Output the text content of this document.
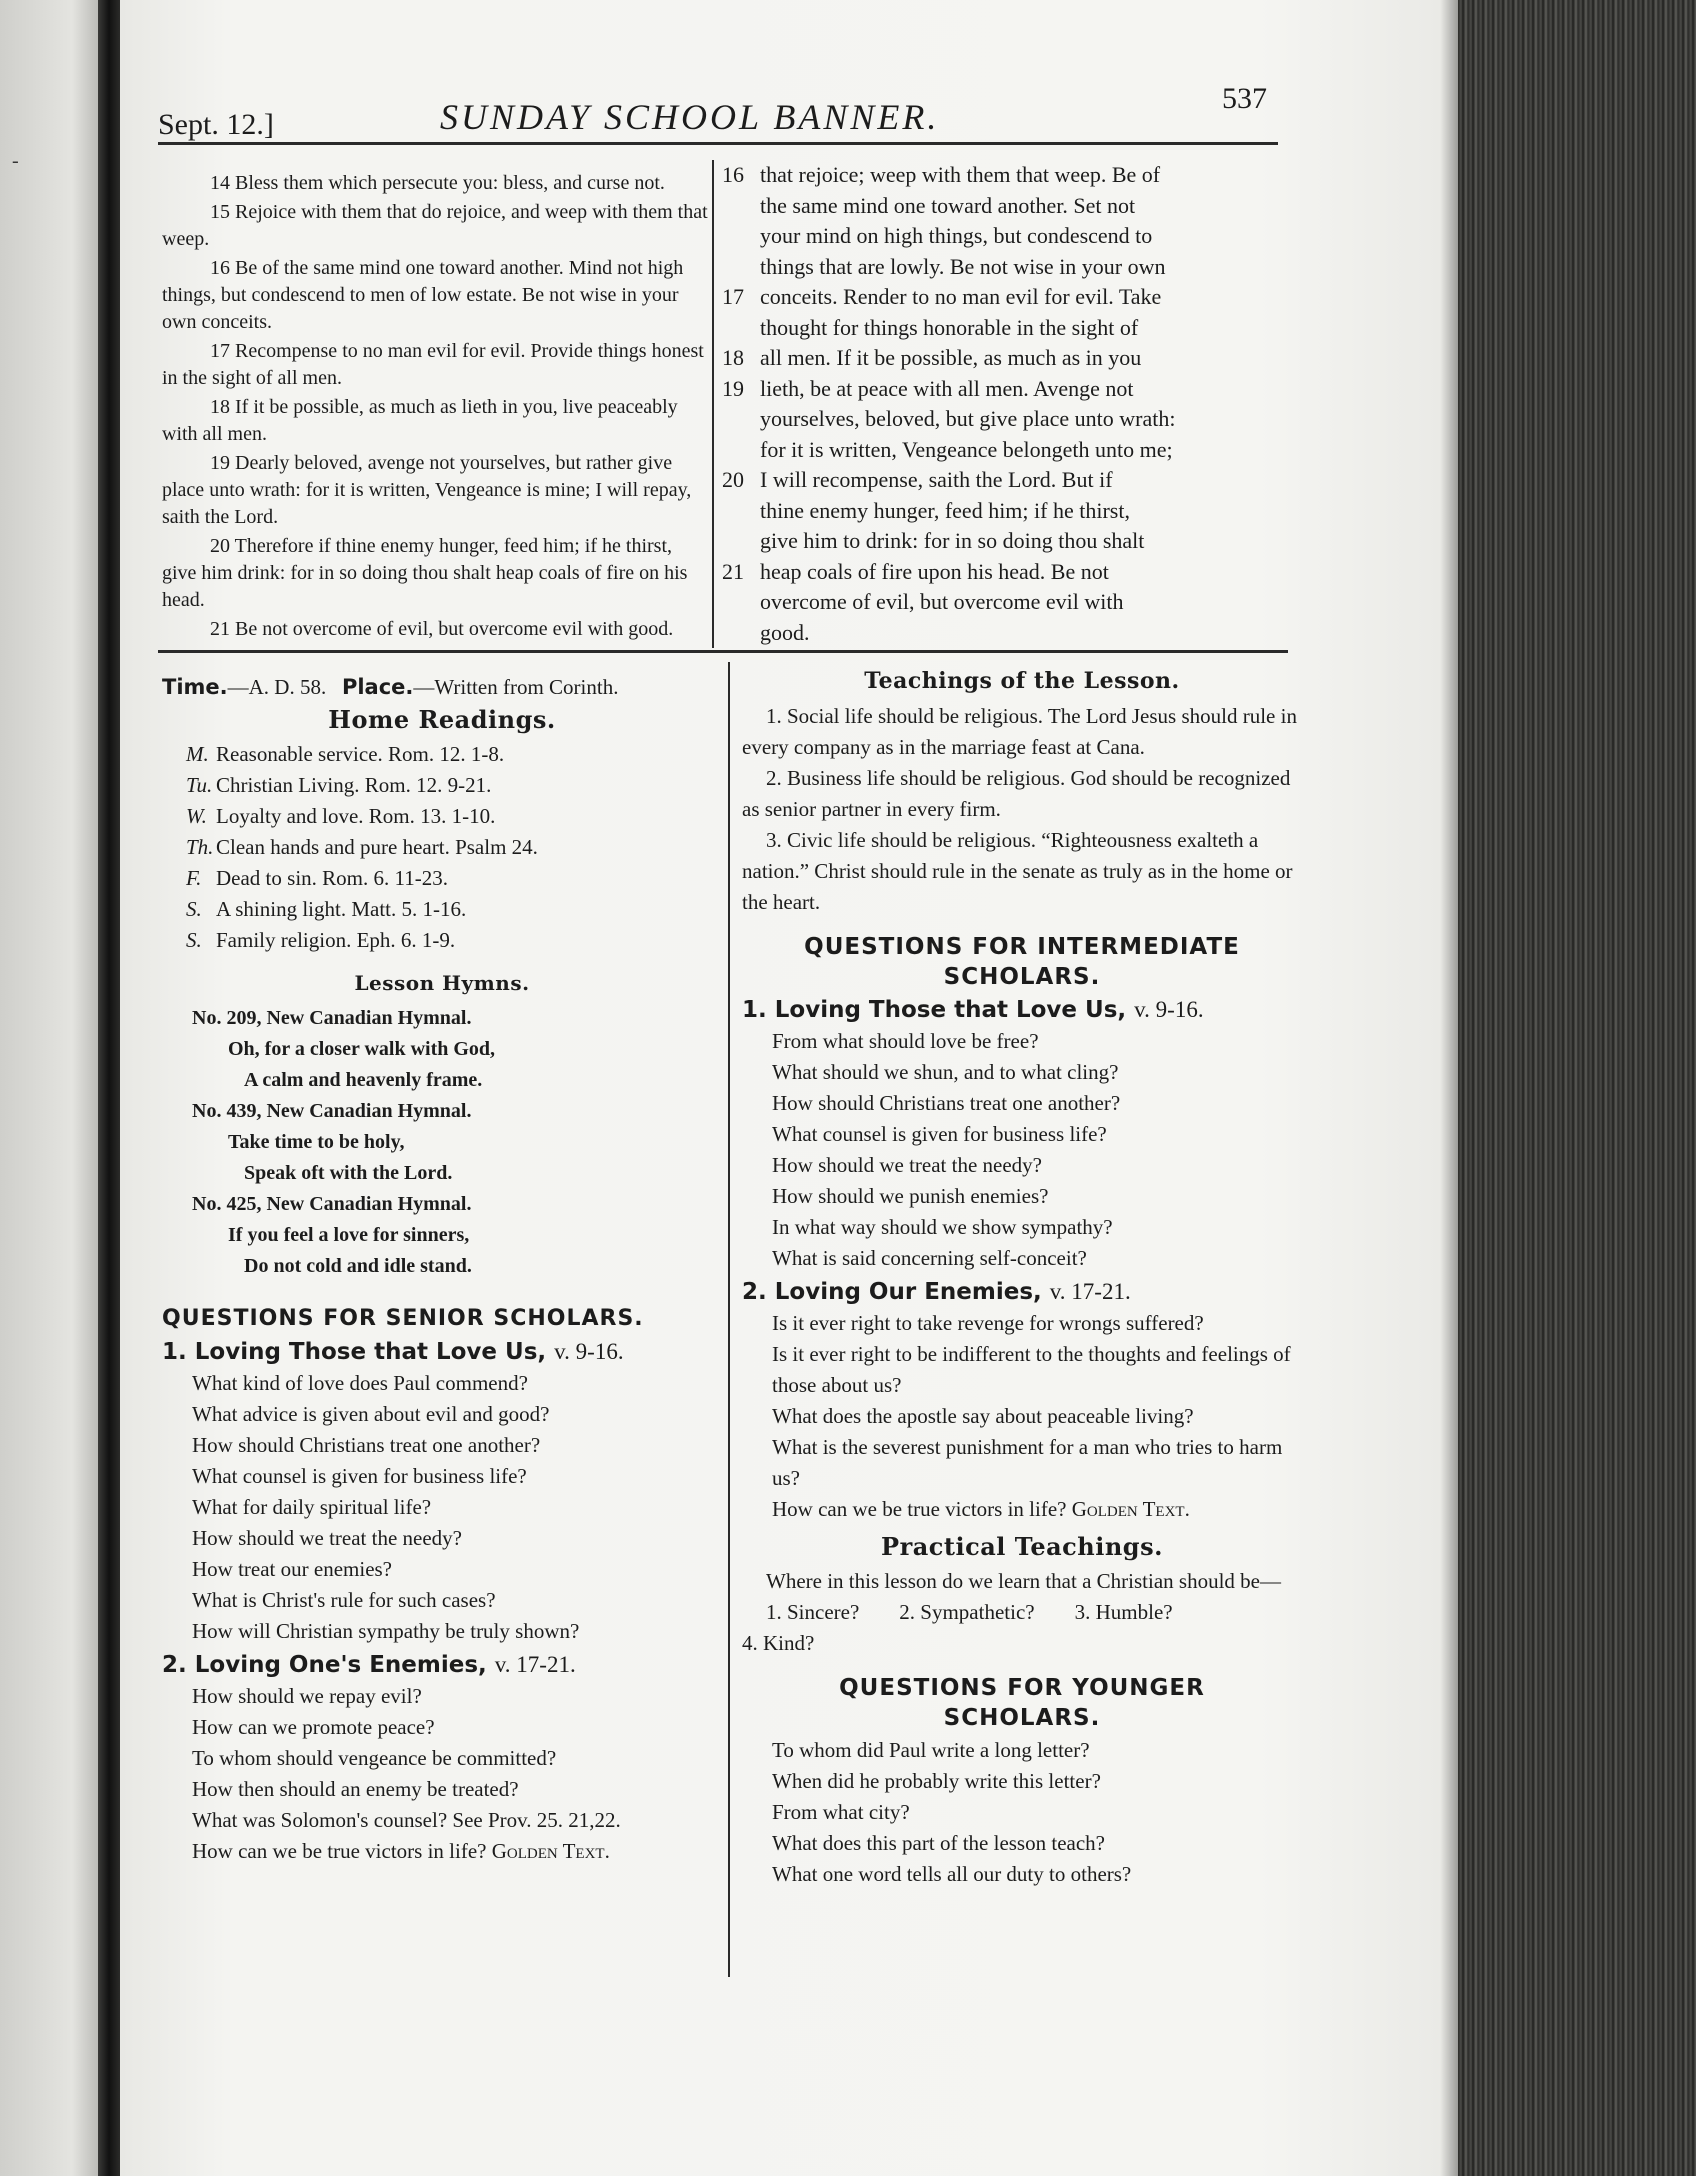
Sept. 12.]	SUNDAY SCHOOL BANNER.	537

14 Bless them which persecute you: bless, and curse not.

15 Rejoice with them that do rejoice, and weep with them that weep.

16 Be of the same mind one toward another. Mind not high things, but condescend to men of low estate. Be not wise in your own conceits.

17 Recompense to no man evil for evil. Provide things honest in the sight of all men.

18 If it be possible, as much as lieth in you, live peaceably with all men.

19 Dearly beloved, avenge not yourselves, but rather give place unto wrath: for it is written, Vengeance is mine; I will repay, saith the Lord.

20 Therefore if thine enemy hunger, feed him; if he thirst, give him drink: for in so doing thou shalt heap coals of fire on his head.

21 Be not overcome of evil, but overcome evil with good.

16 that rejoice; weep with them that weep. Be of

the same mind one toward another. Set not

your mind on high things, but condescend to

things that are lowly. Be not wise in your own

17 conceits. Render to no man evil for evil. Take

thought for things honorable in the sight of

18 all men. If it be possible, as much as in you

19 lieth, be at peace with all men. Avenge not

yourselves, beloved, but give place unto wrath:

for it is written, Vengeance belongeth unto me;

20 I will recompense, saith the Lord. But if

thine enemy hunger, feed him; if he thirst,

give him to drink: for in so doing thou shalt

21 heap coals of fire upon his head. Be not

overcome of evil, but overcome evil with

good.

Time.—A. D. 58. Place.—Written from Corinth.

Home Readings.

M. Reasonable service. Rom. 12. 1-8.

Tu. Christian Living. Rom. 12. 9-21.

W. Loyalty and love. Rom. 13. 1-10.

Th. Clean hands and pure heart. Psalm 24.

F. Dead to sin. Rom. 6. 11-23.

S. A shining light. Matt. 5. 1-16.

S. Family religion. Eph. 6. 1-9.

Lesson Hymns.

No. 209, New Canadian Hymnal.

Oh, for a closer walk with God,

A calm and heavenly frame.

No. 439, New Canadian Hymnal.

Take time to be holy,

Speak oft with the Lord.

No. 425, New Canadian Hymnal.

If you feel a love for sinners,

Do not cold and idle stand.

QUESTIONS FOR SENIOR SCHOLARS.
1. Loving Those that Love Us, v. 9-16.

What kind of love does Paul commend?

What advice is given about evil and good?

How should Christians treat one another?

What counsel is given for business life?

What for daily spiritual life?

How should we treat the needy?

How treat our enemies?

What is Christ's rule for such cases?

How will Christian sympathy be truly shown?

2. Loving One's Enemies, v. 17-21.

How should we repay evil?

How can we promote peace?

To whom should vengeance be committed?

How then should an enemy be treated?

What was Solomon's counsel? See Prov. 25. 21,22.

How can we be true victors in life? Golden Text.

Teachings of the Lesson.

1. Social life should be religious. The Lord Jesus should rule in every company as in the marriage feast at Cana.

2. Business life should be religious. God should be recognized as senior partner in every firm.

3. Civic life should be religious. “Righteousness exalteth a nation.” Christ should rule in the senate as truly as in the home or the heart.

QUESTIONS FOR INTERMEDIATE
SCHOLARS.
1. Loving Those that Love Us, v. 9-16.

From what should love be free?

What should we shun, and to what cling?

How should Christians treat one another?

What counsel is given for business life?

How should we treat the needy?

How should we punish enemies?

In what way should we show sympathy?

What is said concerning self-conceit?

2. Loving Our Enemies, v. 17-21.

Is it ever right to take revenge for wrongs suffered?

Is it ever right to be indifferent to the thoughts and feelings of those about us?

What does the apostle say about peaceable living?

What is the severest punishment for a man who tries to harm us?

How can we be true victors in life? Golden Text.

Practical Teachings.

Where in this lesson do we learn that a Christian should be—

1. Sincere? 2. Sympathetic? 3. Humble?

4. Kind?

QUESTIONS FOR YOUNGER
SCHOLARS.

To whom did Paul write a long letter?

When did he probably write this letter?

From what city?

What does this part of the lesson teach?

What one word tells all our duty to others?

-
